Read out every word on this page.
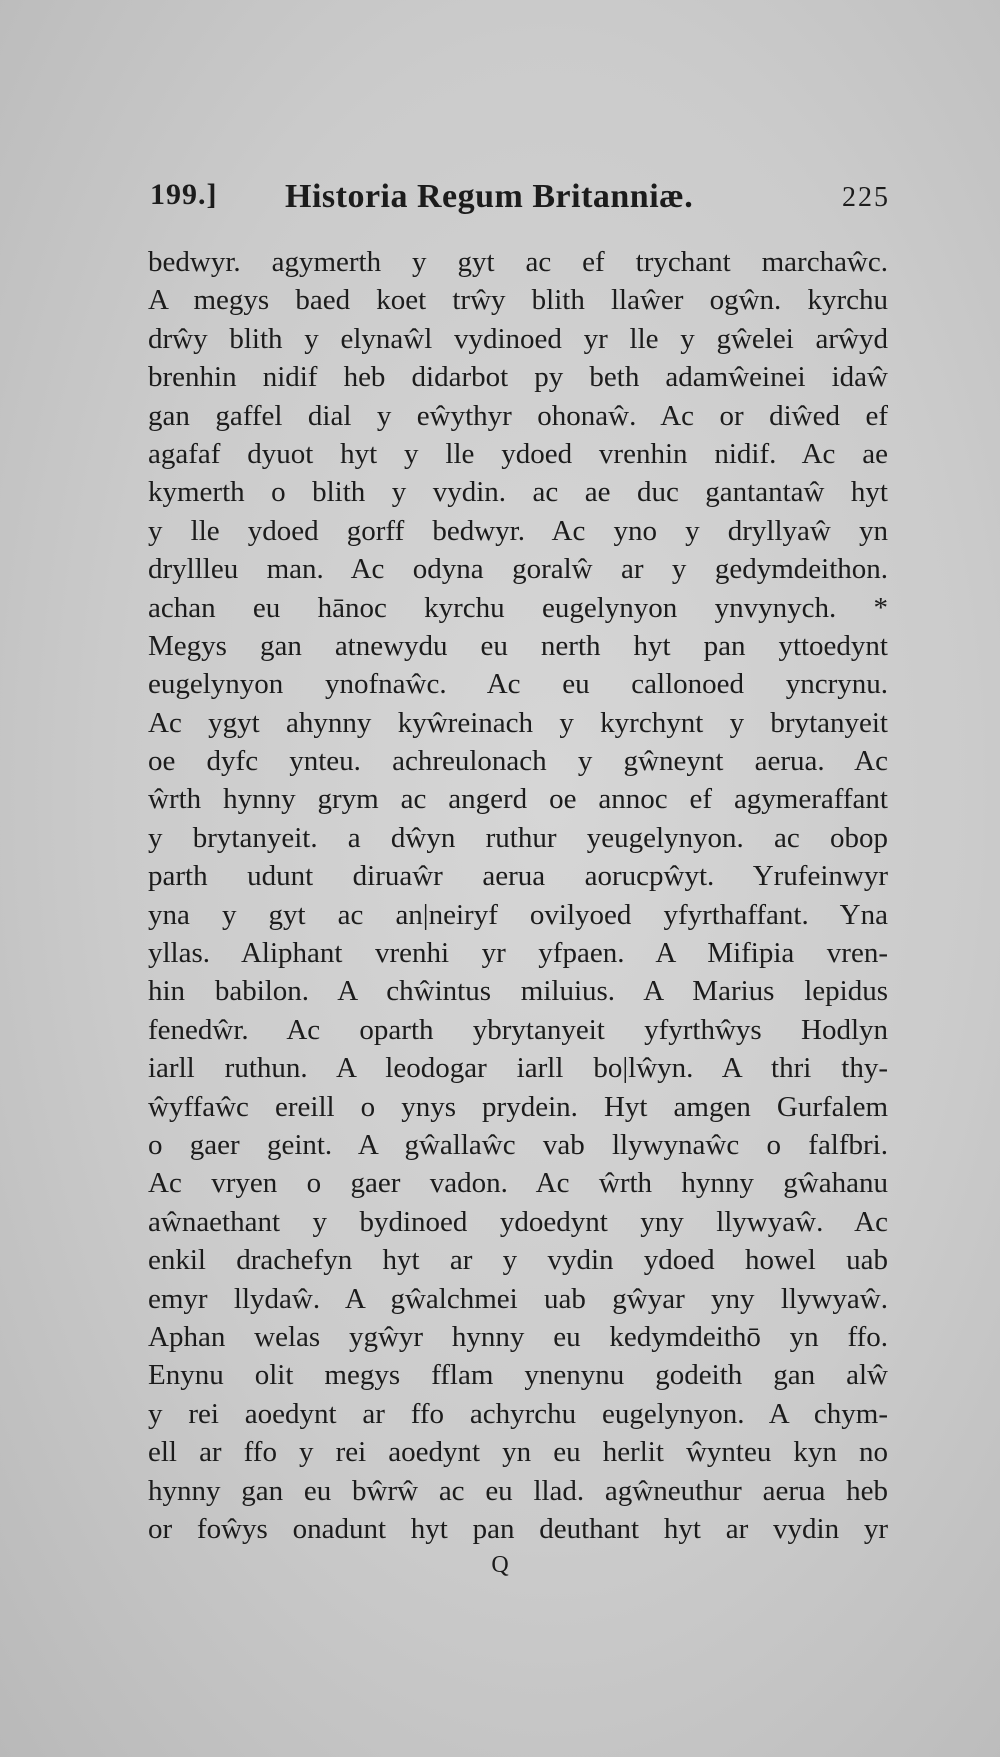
199.] Historia Regum Britanniæ.	225
bedwyr. agymerth y gyt ac ef trychant marchaŵc.
A megys baed koet trŵy blith llaŵer ogŵn. kyrchu
drŵy blith y elynaŵl vydinoed yr lle y gŵelei arŵyd
brenhin nidif heb didarbot py beth adamŵeinei idaŵ
gan gaffel dial y eŵythyr ohonaŵ. Ac or diŵed ef
agafaf dyuot hyt y lle ydoed vrenhin nidif. Ac ae
kymerth o blith y vydin. ac ae duc gantantaŵ hyt
y lle ydoed gorff bedwyr. Ac yno y dryllyaŵ yn
dryllleu man. Ac odyna goralŵ ar y gedymdeithon.
achan eu hānoc kyrchu eugelynyon ynvynych. *
Megys gan atnewydu eu nerth hyt pan yttoedynt
eugelynyon ynofnaŵc. Ac eu callonoed yncrynu.
Ac ygyt ahynny kyŵreinach y kyrchynt y brytanyeit
oe dyfc ynteu. achreulonach y gŵneynt aerua. Ac
ŵrth hynny grym ac angerd oe annoc ef agymeraffant
y brytanyeit. a dŵyn ruthur yeugelynyon. ac obop
parth udunt diruaŵr aerua aorucpŵyt. Yrufeinwyr
yna y gyt ac an|neiryf ovilyoed yfyrthaffant. Yna
yllas. Aliphant vrenhi yr yfpaen. A Mifipia vren-
hin babilon. A chŵintus miluius. A Marius lepidus
fenedŵr. Ac oparth ybrytanyeit yfyrthŵys Hodlyn
iarll ruthun. A leodogar iarll bo|lŵyn. A thri thy-
ŵyffaŵc ereill o ynys prydein. Hyt amgen Gurfalem
o gaer geint. A gŵallaŵc vab llywynaŵc o falfbri.
Ac vryen o gaer vadon. Ac ŵrth hynny gŵahanu
aŵnaethant y bydinoed ydoedynt yny llywyaŵ. Ac
enkil drachefyn hyt ar y vydin ydoed howel uab
emyr llydaŵ. A gŵalchmei uab gŵyar yny llywyaŵ.
Aphan welas ygŵyr hynny eu kedymdeithō yn ffo.
Enynu olit megys fflam ynenynu godeith gan alŵ
y rei aoedynt ar ffo achyrchu eugelynyon. A chym-
ell ar ffo y rei aoedynt yn eu herlit ŵynteu kyn no
hynny gan eu bŵrŵ ac eu llad. agŵneuthur aerua heb
or foŵys onadunt hyt pan deuthant hyt ar vydin yr
Q
